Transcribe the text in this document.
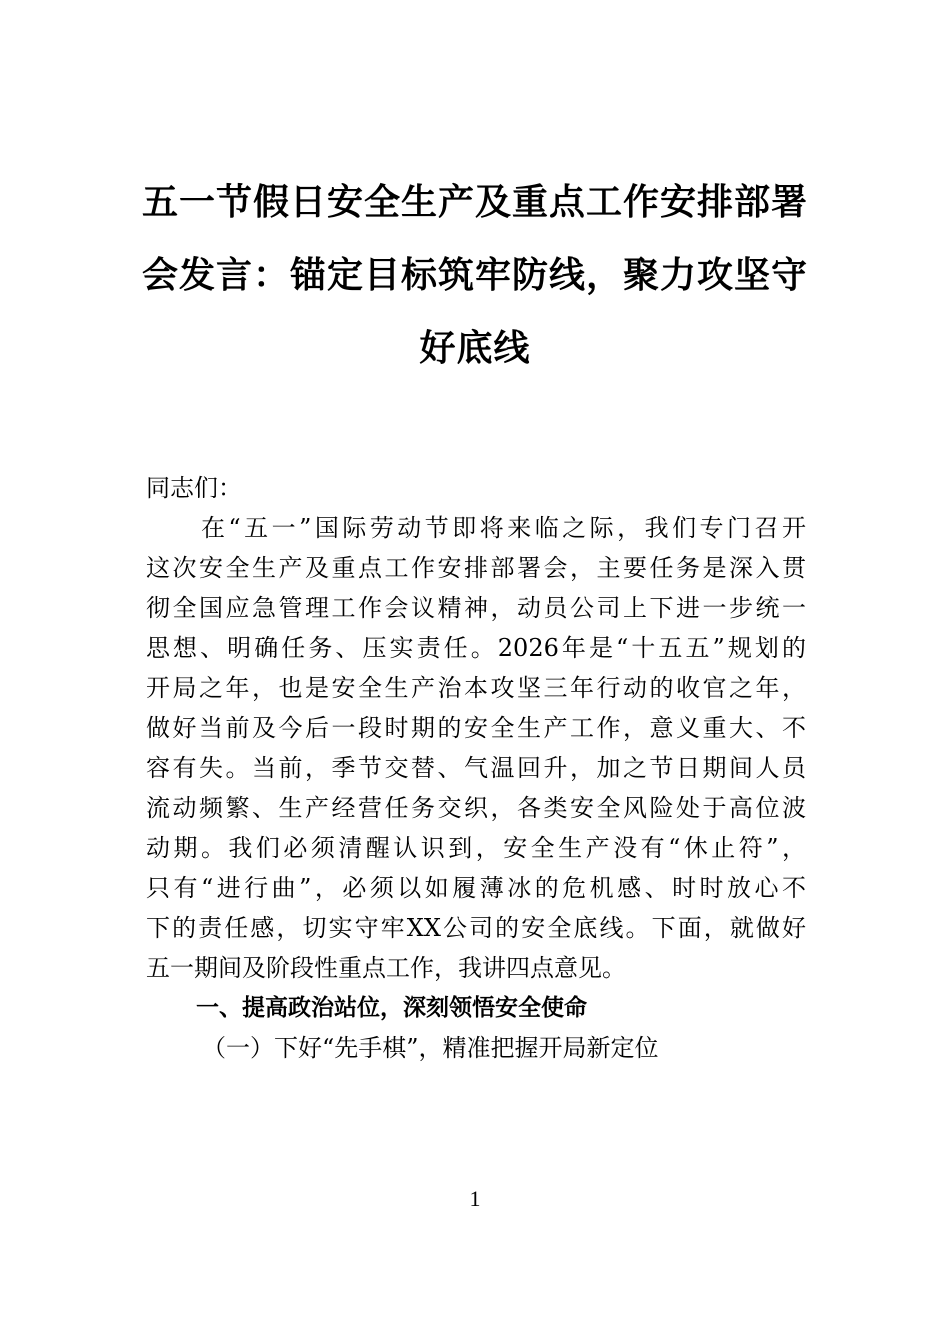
五一节假日安全生产及重点工作安排部署
会发言：锚定目标筑牢防线，聚力攻坚守
好底线
同志们：
　　在“五一”国际劳动节即将来临之际，我们专门召开
这次安全生产及重点工作安排部署会，主要任务是深入贯
彻全国应急管理工作会议精神，动员公司上下进一步统一
思想、明确任务、压实责任。2026年是“十五五”规划的
开局之年，也是安全生产治本攻坚三年行动的收官之年，
做好当前及今后一段时期的安全生产工作，意义重大、不
容有失。当前，季节交替、气温回升，加之节日期间人员
流动频繁、生产经营任务交织，各类安全风险处于高位波
动期。我们必须清醒认识到，安全生产没有“休止符”，
只有“进行曲”，必须以如履薄冰的危机感、时时放心不
下的责任感，切实守牢XX公司的安全底线。下面，就做好
五一期间及阶段性重点工作，我讲四点意见。
一、提高政治站位，深刻领悟安全使命
（一）下好“先手棋”，精准把握开局新定位
1
